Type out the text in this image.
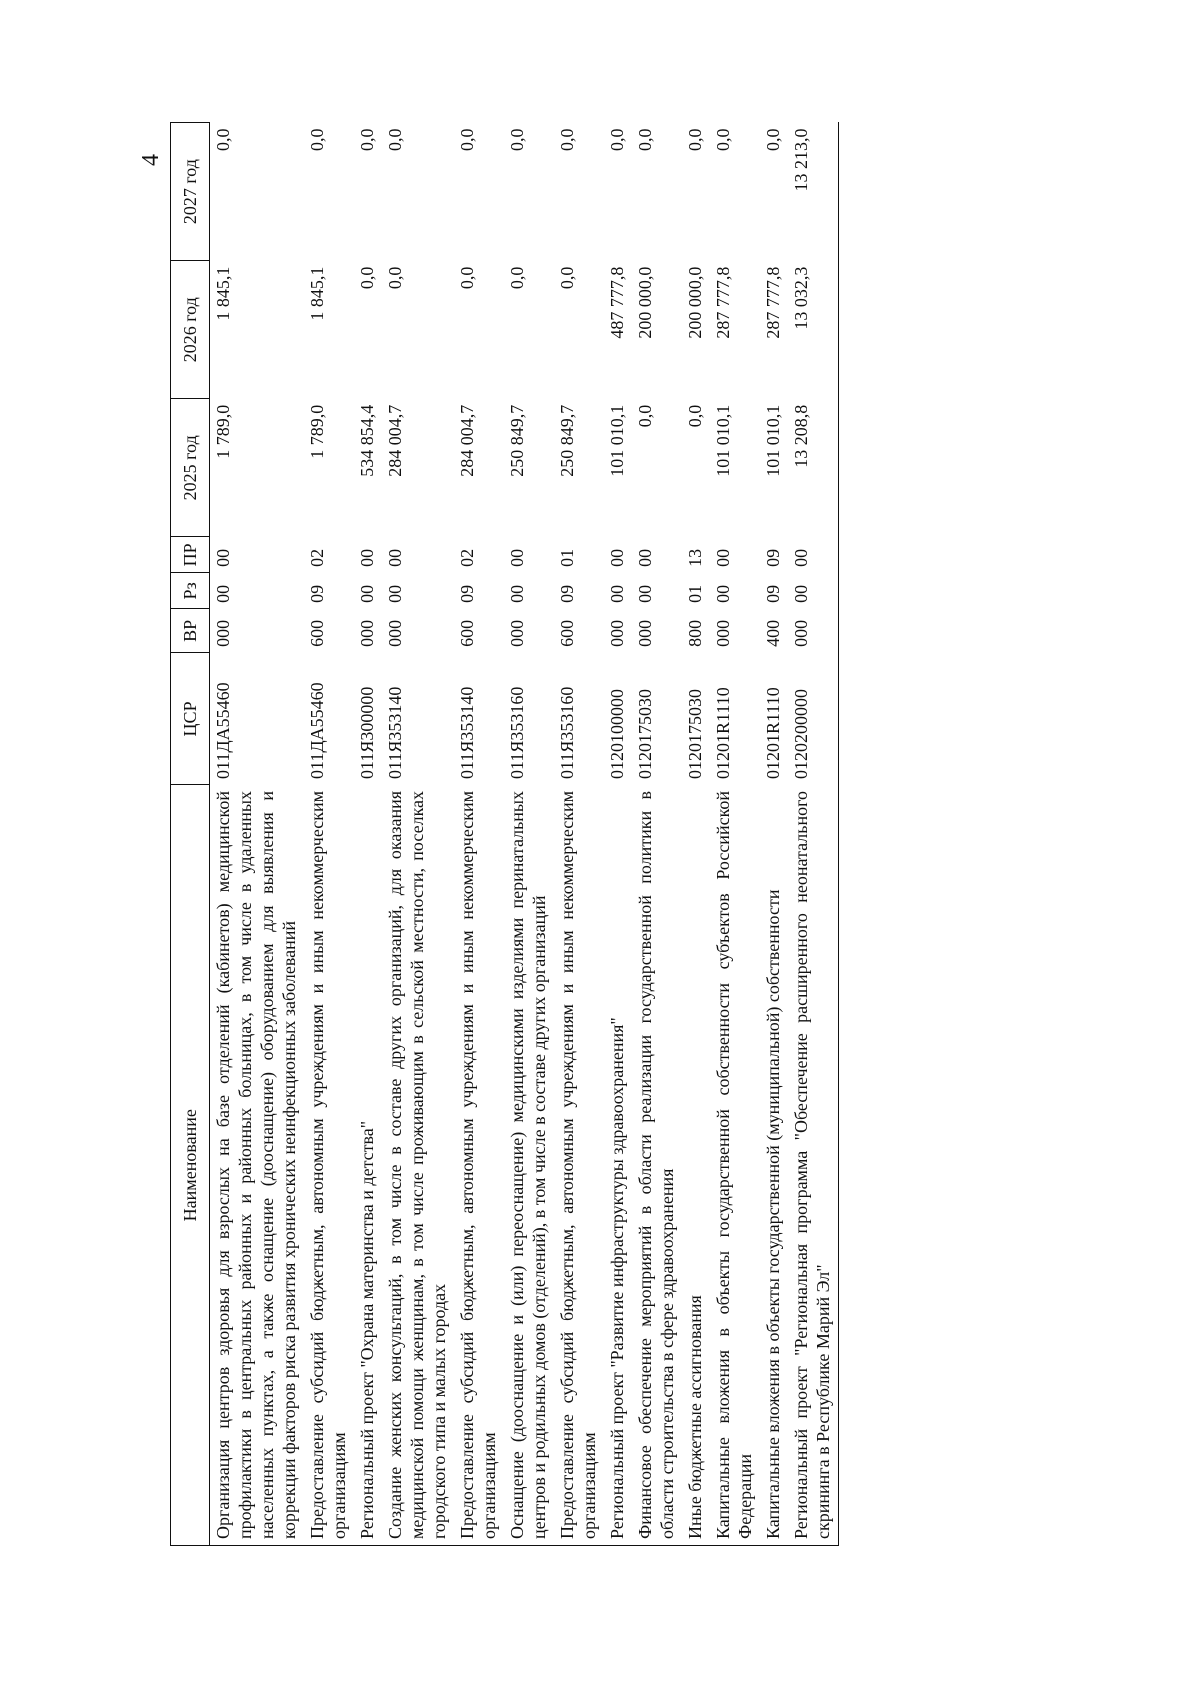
4
Наименование	ЦСР	ВР	Рз	ПР	2025 год	2026 год	2027 год
Организация центров здоровья для взрослых на базе отделений (кабинетов) медицинской профилактики в центральных районных и районных больницах, в том числе в удаленных населенных пунктах, а также оснащение (дооснащение) оборудованием для выявления и коррекции факторов риска развития хронических неинфекционных заболеваний	011ДА55460	000	00	00	1 789,0	1 845,1	0,0
Предоставление субсидий бюджетным, автономным учреждениям и иным некоммерческим организациям	011ДА55460	600	09	02	1 789,0	1 845,1	0,0
Региональный проект "Охрана материнства и детства"	011Я300000	000	00	00	534 854,4	0,0	0,0
Создание женских консультаций, в том числе в составе других организаций, для оказания медицинской помощи женщинам, в том числе проживающим в сельской местности, поселках городского типа и малых городах	011Я353140	000	00	00	284 004,7	0,0	0,0
Предоставление субсидий бюджетным, автономным учреждениям и иным некоммерческим организациям	011Я353140	600	09	02	284 004,7	0,0	0,0
Оснащение (дооснащение и (или) переоснащение) медицинскими изделиями перинатальных центров и родильных домов (отделений), в том числе в составе других организаций	011Я353160	000	00	00	250 849,7	0,0	0,0
Предоставление субсидий бюджетным, автономным учреждениям и иным некоммерческим организациям	011Я353160	600	09	01	250 849,7	0,0	0,0
Региональный проект "Развитие инфраструктуры здравоохранения"	0120100000	000	00	00	101 010,1	487 777,8	0,0
Финансовое обеспечение мероприятий в области реализации государственной политики в области строительства в сфере здравоохранения	0120175030	000	00	00	0,0	200 000,0	0,0
Иные бюджетные ассигнования	0120175030	800	01	13	0,0	200 000,0	0,0
Капитальные вложения в объекты государственной собственности субъектов Российской Федерации	01201R1110	000	00	00	101 010,1	287 777,8	0,0
Капитальные вложения в объекты государственной (муниципальной) собственности	01201R1110	400	09	09	101 010,1	287 777,8	0,0
Региональный проект "Региональная программа "Обеспечение расширенного неонатального скрининга в Республике Марий Эл"	0120200000	000	00	00	13 208,8	13 032,3	13 213,0
